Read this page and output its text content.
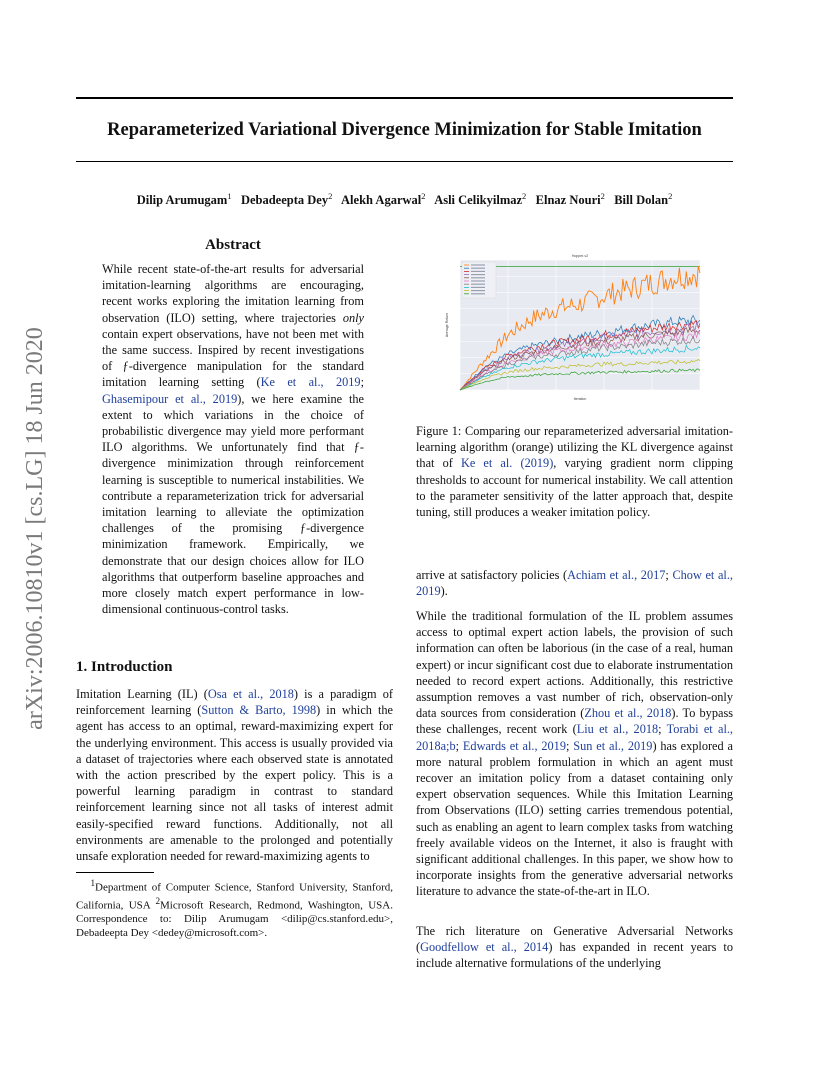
Reparameterized Variational Divergence Minimization for Stable Imitation
Dilip Arumugam$^1$ Debadeepta Dey$^2$ Alekh Agarwal$^2$ Asli Celikyilmaz$^2$ Elnaz Nouri$^2$ Bill Dolan$^2$
arXiv:2006.10810v1 [cs.LG] 18 Jun 2020
Abstract

While recent state-of-the-art results for adversarial imitation-learning algorithms are encouraging, recent works exploring the imitation learning from observation (ILO) setting, where trajectories only contain expert observations, have not been met with the same success. Inspired by recent investigations of ƒ-divergence manipulation for the standard imitation learning setting (Ke et al., 2019; Ghasemipour et al., 2019), we here examine the extent to which variations in the choice of probabilistic divergence may yield more performant ILO algorithms. We unfortunately find that ƒ-divergence minimization through reinforcement learning is susceptible to numerical instabilities. We contribute a reparameterization trick for adversarial imitation learning to alleviate the optimization challenges of the promising ƒ-divergence minimization framework. Empirically, we demonstrate that our design choices allow for ILO algorithms that outperform baseline approaches and more closely match expert performance in low-dimensional continuous-control tasks.

1. Introduction

Imitation Learning (IL) (Osa et al., 2018) is a paradigm of reinforcement learning (Sutton & Barto, 1998) in which the agent has access to an optimal, reward-maximizing expert for the underlying environment. This access is usually provided via a dataset of trajectories where each observed state is annotated with the action prescribed by the expert policy. This is a powerful learning paradigm in contrast to standard reinforcement learning since not all tasks of interest admit easily-specified reward functions. Additionally, not all environments are amenable to the prolonged and potentially unsafe exploration needed for reward-maximizing agents to

$^1$Department of Computer Science, Stanford University, Stanford, California, USA $^2$Microsoft Research, Redmond, Washington, USA. Correspondence to: Dilip Arumugam <dilip@cs.stanford.edu>, Debadeepta Dey <dedey@microsoft.com>.

Hopper-v2
Iteration
Average Return

Figure 1: Comparing our reparameterized adversarial imitation-learning algorithm (orange) utilizing the KL divergence against that of Ke et al. (2019), varying gradient norm clipping thresholds to account for numerical instability. We call attention to the parameter sensitivity of the latter approach that, despite tuning, still produces a weaker imitation policy.

arrive at satisfactory policies (Achiam et al., 2017; Chow et al., 2019).

While the traditional formulation of the IL problem assumes access to optimal expert action labels, the provision of such information can often be laborious (in the case of a real, human expert) or incur significant cost due to elaborate instrumentation needed to record expert actions. Additionally, this restrictive assumption removes a vast number of rich, observation-only data sources from consideration (Zhou et al., 2018). To bypass these challenges, recent work (Liu et al., 2018; Torabi et al., 2018a;b; Edwards et al., 2019; Sun et al., 2019) has explored a more natural problem formulation in which an agent must recover an imitation policy from a dataset containing only expert observation sequences. While this Imitation Learning from Observations (ILO) setting carries tremendous potential, such as enabling an agent to learn complex tasks from watching freely available videos on the Internet, it also is fraught with significant additional challenges. In this paper, we show how to incorporate insights from the generative adversarial networks literature to advance the state-of-the-art in ILO.

The rich literature on Generative Adversarial Networks (Goodfellow et al., 2014) has expanded in recent years to include alternative formulations of the underlying
